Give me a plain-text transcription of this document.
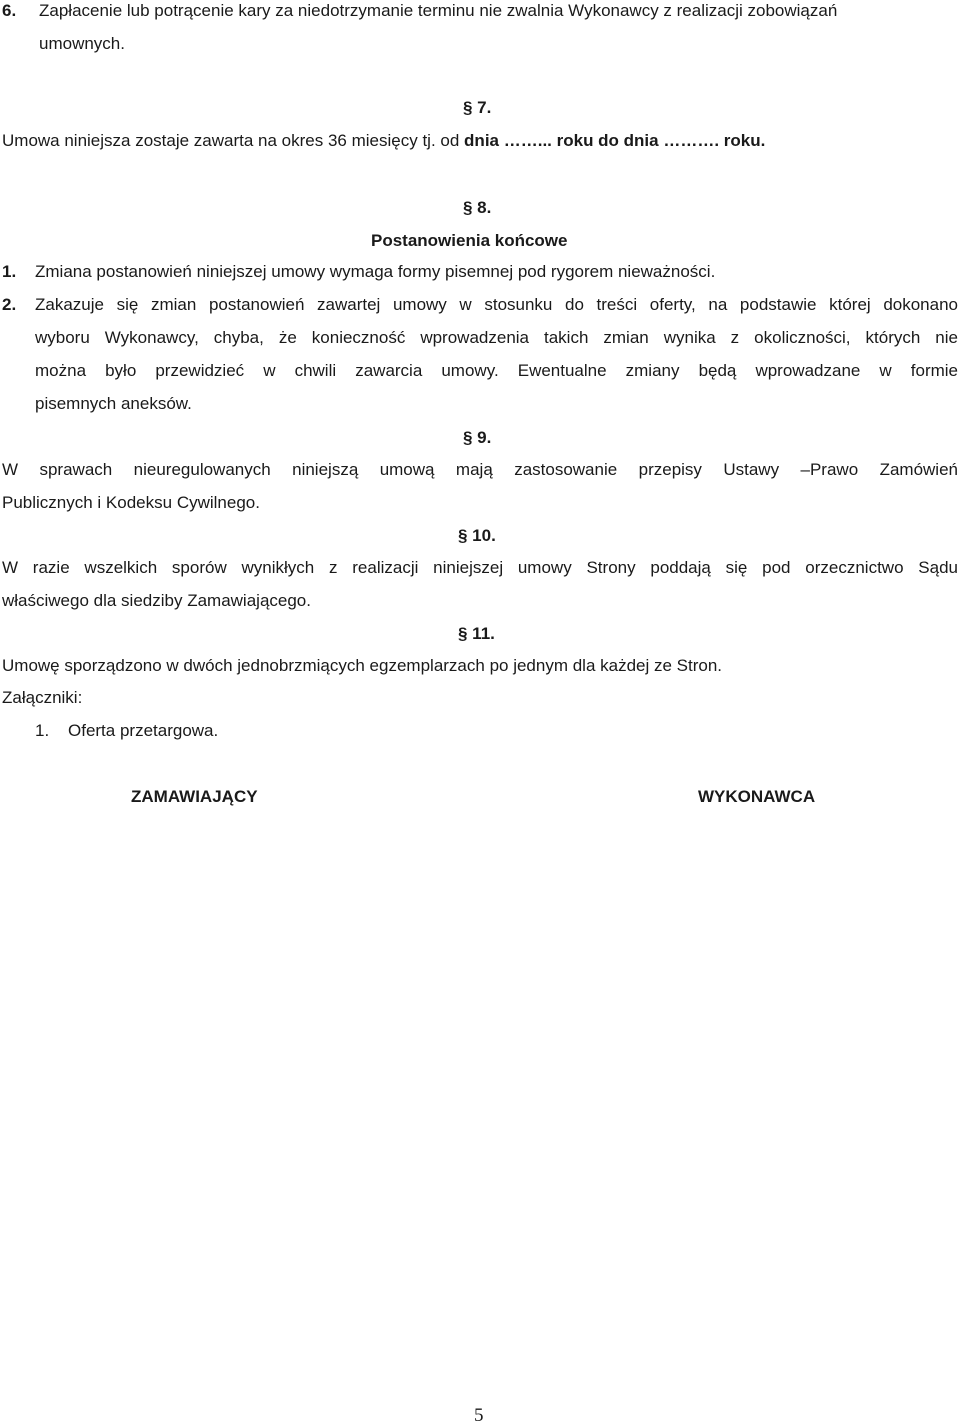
6. Zapłacenie lub potrącenie kary za niedotrzymanie terminu nie zwalnia Wykonawcy z realizacji zobowiązań
umownych.
§ 7.
Umowa niniejsza zostaje zawarta na okres 36 miesięcy tj. od dnia ……... roku do dnia ………. roku.
§ 8.
Postanowienia końcowe
1. Zmiana postanowień niniejszej umowy wymaga formy pisemnej pod rygorem nieważności.
2. Zakazuje się zmian postanowień zawartej umowy w stosunku do treści oferty, na podstawie której dokonano
wyboru Wykonawcy, chyba, że konieczność wprowadzenia takich zmian wynika z okoliczności, których nie
można było przewidzieć w chwili zawarcia umowy. Ewentualne zmiany będą wprowadzane w formie
pisemnych aneksów.
§ 9.
W sprawach nieuregulowanych niniejszą umową mają zastosowanie przepisy Ustawy –Prawo Zamówień
Publicznych i Kodeksu Cywilnego.
§ 10.
W razie wszelkich sporów wynikłych z realizacji niniejszej umowy Strony poddają się pod orzecznictwo Sądu
właściwego dla siedziby Zamawiającego.
§ 11.
Umowę sporządzono w dwóch jednobrzmiących egzemplarzach po jednym dla każdej ze Stron.
Załączniki:
1. Oferta przetargowa.
ZAMAWIAJĄCY	WYKONAWCA
5
